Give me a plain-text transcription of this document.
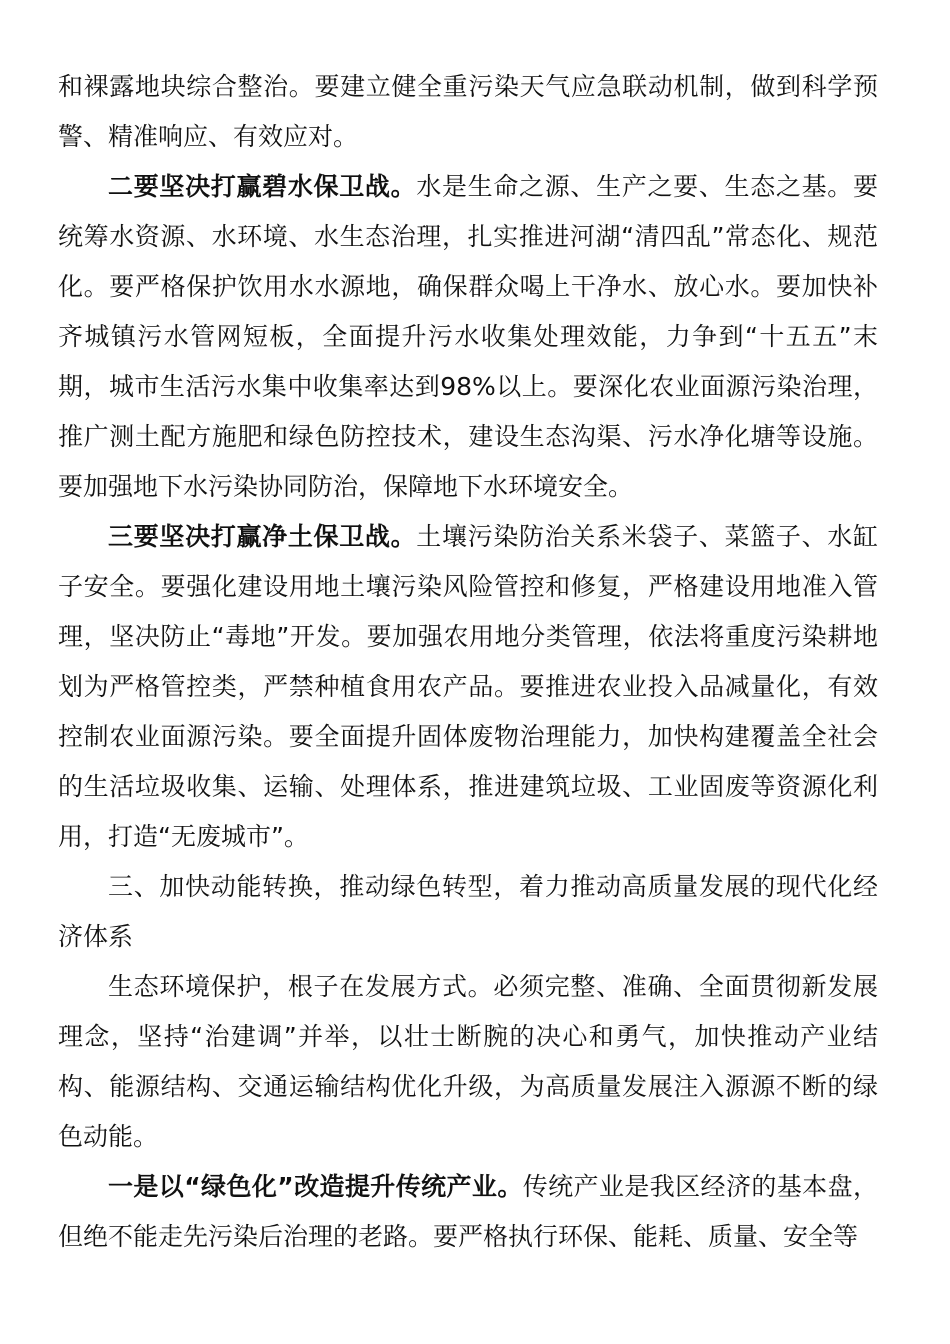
和裸露地块综合整治。要建立健全重污染天气应急联动机制，做到科学预警、精准响应、有效应对。

二要坚决打赢碧水保卫战。水是生命之源、生产之要、生态之基。要统筹水资源、水环境、水生态治理，扎实推进河湖“清四乱”常态化、规范化。要严格保护饮用水水源地，确保群众喝上干净水、放心水。要加快补齐城镇污水管网短板，全面提升污水收集处理效能，力争到“十五五”末期，城市生活污水集中收集率达到98%以上。要深化农业面源污染治理，推广测土配方施肥和绿色防控技术，建设生态沟渠、污水净化塘等设施。要加强地下水污染协同防治，保障地下水环境安全。

三要坚决打赢净土保卫战。土壤污染防治关系米袋子、菜篮子、水缸子安全。要强化建设用地土壤污染风险管控和修复，严格建设用地准入管理，坚决防止“毒地”开发。要加强农用地分类管理，依法将重度污染耕地划为严格管控类，严禁种植食用农产品。要推进农业投入品减量化，有效控制农业面源污染。要全面提升固体废物治理能力，加快构建覆盖全社会的生活垃圾收集、运输、处理体系，推进建筑垃圾、工业固废等资源化利用，打造“无废城市”。

三、加快动能转换，推动绿色转型，着力推动高质量发展的现代化经济体系

生态环境保护，根子在发展方式。必须完整、准确、全面贯彻新发展理念，坚持“治建调”并举，以壮士断腕的决心和勇气，加快推动产业结构、能源结构、交通运输结构优化升级，为高质量发展注入源源不断的绿色动能。

一是以“绿色化”改造提升传统产业。传统产业是我区经济的基本盘，但绝不能走先污染后治理的老路。要严格执行环保、能耗、质量、安全等
